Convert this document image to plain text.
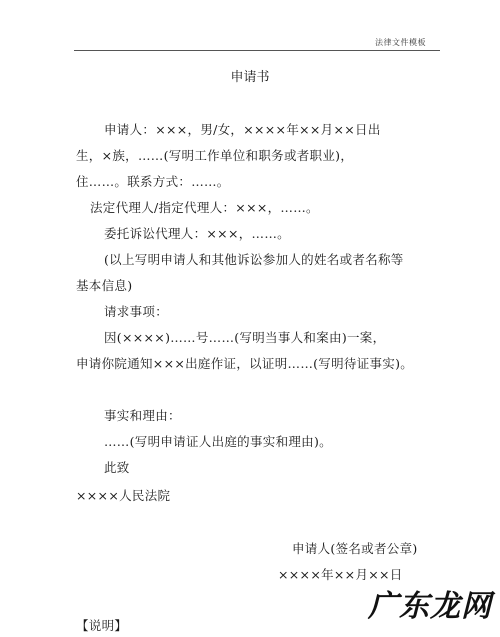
法律文件模板
申请书
申请人：×××，男/女，××××年××月××日出
生，×族，……(写明工作单位和职务或者职业)，
住……。联系方式：……。
法定代理人/指定代理人：×××，……。
委托诉讼代理人：×××，……。
(以上写明申请人和其他诉讼参加人的姓名或者名称等
基本信息)
请求事项：
因(××××)……号……(写明当事人和案由)一案，
申请你院通知×××出庭作证，以证明……(写明待证事实)。
事实和理由：
……(写明申请证人出庭的事实和理由)。
此致
××××人民法院
申请人(签名或者公章)
××××年××月××日
【说明】
广东龙网
